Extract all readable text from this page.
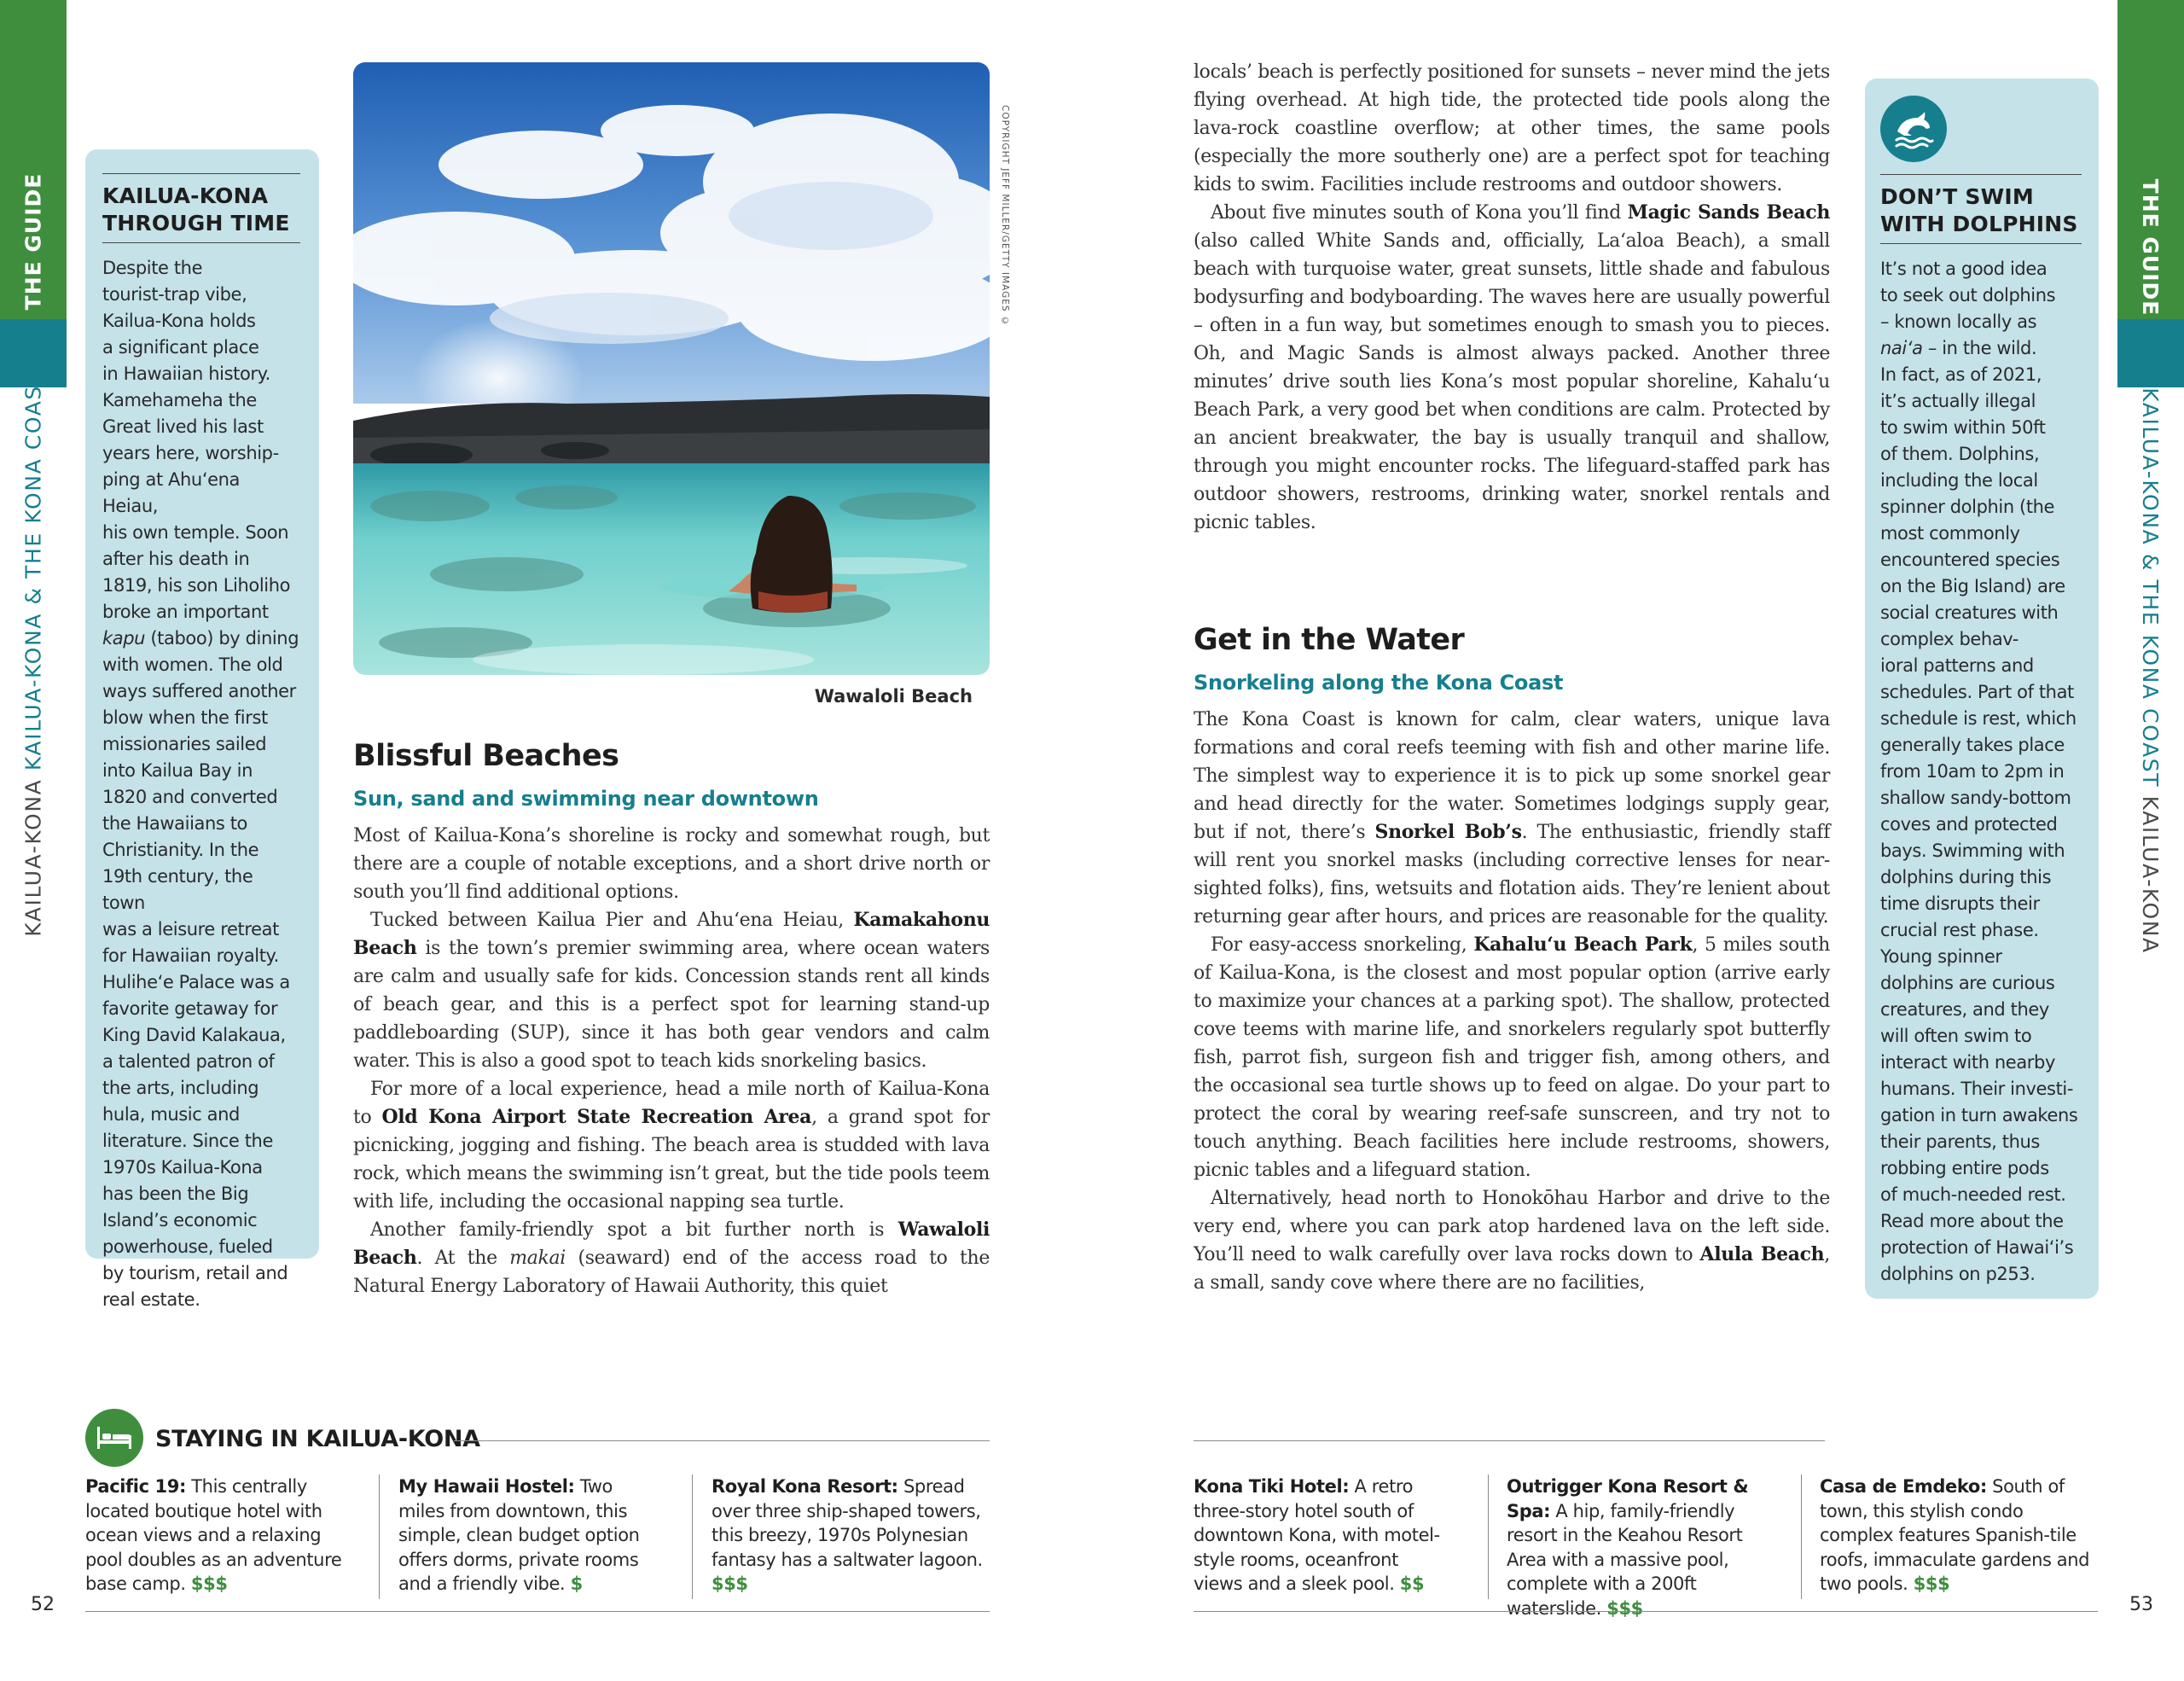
THE GUIDE	THE GUIDE
KAILUA-KONA KAILUA-KONA & THE KONA COAST	KAILUA-KONA & THE KONA COAST KAILUA-KONA
KAILUA-KONA
THROUGH TIME
Despite the
tourist-trap vibe,
Kailua-Kona holds
a significant place
in Hawaiian history.
Kamehameha the
Great lived his last
years here, worship-
ping at Ahu‘ena Heiau,
his own temple. Soon
after his death in
1819, his son Liholiho
broke an important
kapu (taboo) by dining
with women. The old
ways suffered another
blow when the first
missionaries sailed
into Kailua Bay in
1820 and converted
the Hawaiians to
Christianity. In the
19th century, the town
was a leisure retreat
for Hawaiian royalty.
Hulihe‘e Palace was a
favorite getaway for
King David Kalakaua,
a talented patron of
the arts, including
hula, music and
literature. Since the
1970s Kailua-Kona
has been the Big
Island’s economic
powerhouse, fueled
by tourism, retail and
real estate.
COPYRIGHT JEFF MILLER/GETTY IMAGES ©
Wawaloli Beach
Blissful Beaches
Sun, sand and swimming near downtown

Most of Kailua-Kona’s shoreline is rocky and somewhat rough, but there are a couple of notable exceptions, and a short drive north or south you’ll find additional options.

Tucked between Kailua Pier and Ahu‘ena Heiau, Kamakahonu Beach is the town’s premier swimming area, where ocean waters are calm and usually safe for kids. Concession stands rent all kinds of beach gear, and this is a perfect spot for learning stand-up paddleboarding (SUP), since it has both gear vendors and calm water. This is also a good spot to teach kids snorkeling basics.

For more of a local experience, head a mile north of Kailua-Kona to Old Kona Airport State Recreation Area, a grand spot for picnicking, jogging and fishing. The beach area is studded with lava rock, which means the swimming isn’t great, but the tide pools teem with life, including the occasional napping sea turtle.

Another family-friendly spot a bit further north is Wawaloli Beach. At the makai (seaward) end of the access road to the Natural Energy Laboratory of Hawaii Authority, this quiet

locals’ beach is perfectly positioned for sunsets – never mind the jets flying overhead. At high tide, the protected tide pools along the lava-rock coastline overflow; at other times, the same pools (especially the more southerly one) are a perfect spot for teaching kids to swim. Facilities include restrooms and outdoor showers.

About five minutes south of Kona you’ll find Magic Sands Beach (also called White Sands and, officially, La‘aloa Beach), a small beach with turquoise water, great sunsets, little shade and fabulous bodysurfing and bodyboarding. The waves here are usually powerful – often in a fun way, but sometimes enough to smash you to pieces. Oh, and Magic Sands is almost always packed. Another three minutes’ drive south lies Kona’s most popular shoreline, Kahalu‘u Beach Park, a very good bet when conditions are calm. Protected by an ancient breakwater, the bay is usually tranquil and shallow, through you might encounter rocks. The lifeguard-staffed park has outdoor showers, restrooms, drinking water, snorkel rentals and picnic tables.

Get in the Water
Snorkeling along the Kona Coast

The Kona Coast is known for calm, clear waters, unique lava formations and coral reefs teeming with fish and other marine life. The simplest way to experience it is to pick up some snorkel gear and head directly for the water. Sometimes lodgings supply gear, but if not, there’s Snorkel Bob’s. The enthusiastic, friendly staff will rent you snorkel masks (including corrective lenses for near-sighted folks), fins, wetsuits and flotation aids. They’re lenient about returning gear after hours, and prices are reasonable for the quality.

For easy-access snorkeling, Kahalu‘u Beach Park, 5 miles south of Kailua-Kona, is the closest and most popular option (arrive early to maximize your chances at a parking spot). The shallow, protected cove teems with marine life, and snorkelers regularly spot butterfly fish, parrot fish, surgeon fish and trigger fish, among others, and the occasional sea turtle shows up to feed on algae. Do your part to protect the coral by wearing reef-safe sunscreen, and try not to touch anything. Beach facilities here include restrooms, showers, picnic tables and a lifeguard station.

Alternatively, head north to Honokōhau Harbor and drive to the very end, where you can park atop hardened lava on the left side. You’ll need to walk carefully over lava rocks down to Alula Beach, a small, sandy cove where there are no facilities,

DON’T SWIM
WITH DOLPHINS
It’s not a good idea
to seek out dolphins
– known locally as
nai‘a – in the wild.
In fact, as of 2021,
it’s actually illegal
to swim within 50ft
of them. Dolphins,
including the local
spinner dolphin (the
most commonly
encountered species
on the Big Island) are
social creatures with
complex behav-
ioral patterns and
schedules. Part of that
schedule is rest, which
generally takes place
from 10am to 2pm in
shallow sandy-bottom
coves and protected
bays. Swimming with
dolphins during this
time disrupts their
crucial rest phase.
Young spinner
dolphins are curious
creatures, and they
will often swim to
interact with nearby
humans. Their investi-
gation in turn awakens
their parents, thus
robbing entire pods
of much-needed rest.
Read more about the
protection of Hawai‘i’s
dolphins on p253.
STAYING IN KAILUA-KONA
Pacific 19: This centrally located boutique hotel with ocean views and a relaxing pool doubles as an adventure base camp. $$$
My Hawaii Hostel: Two miles from downtown, this simple, clean budget option offers dorms, private rooms and a friendly vibe. $
Royal Kona Resort: Spread over three ship-shaped towers, this breezy, 1970s Polynesian fantasy has a saltwater lagoon. $$$
Kona Tiki Hotel: A retro three-story hotel south of downtown Kona, with motel-style rooms, oceanfront views and a sleek pool. $$
Outrigger Kona Resort & Spa: A hip, family-friendly resort in the Keahou Resort Area with a massive pool, complete with a 200ft waterslide. $$$
Casa de Emdeko: South of town, this stylish condo complex features Spanish-tile roofs, immaculate gardens and two pools. $$$
52	53
